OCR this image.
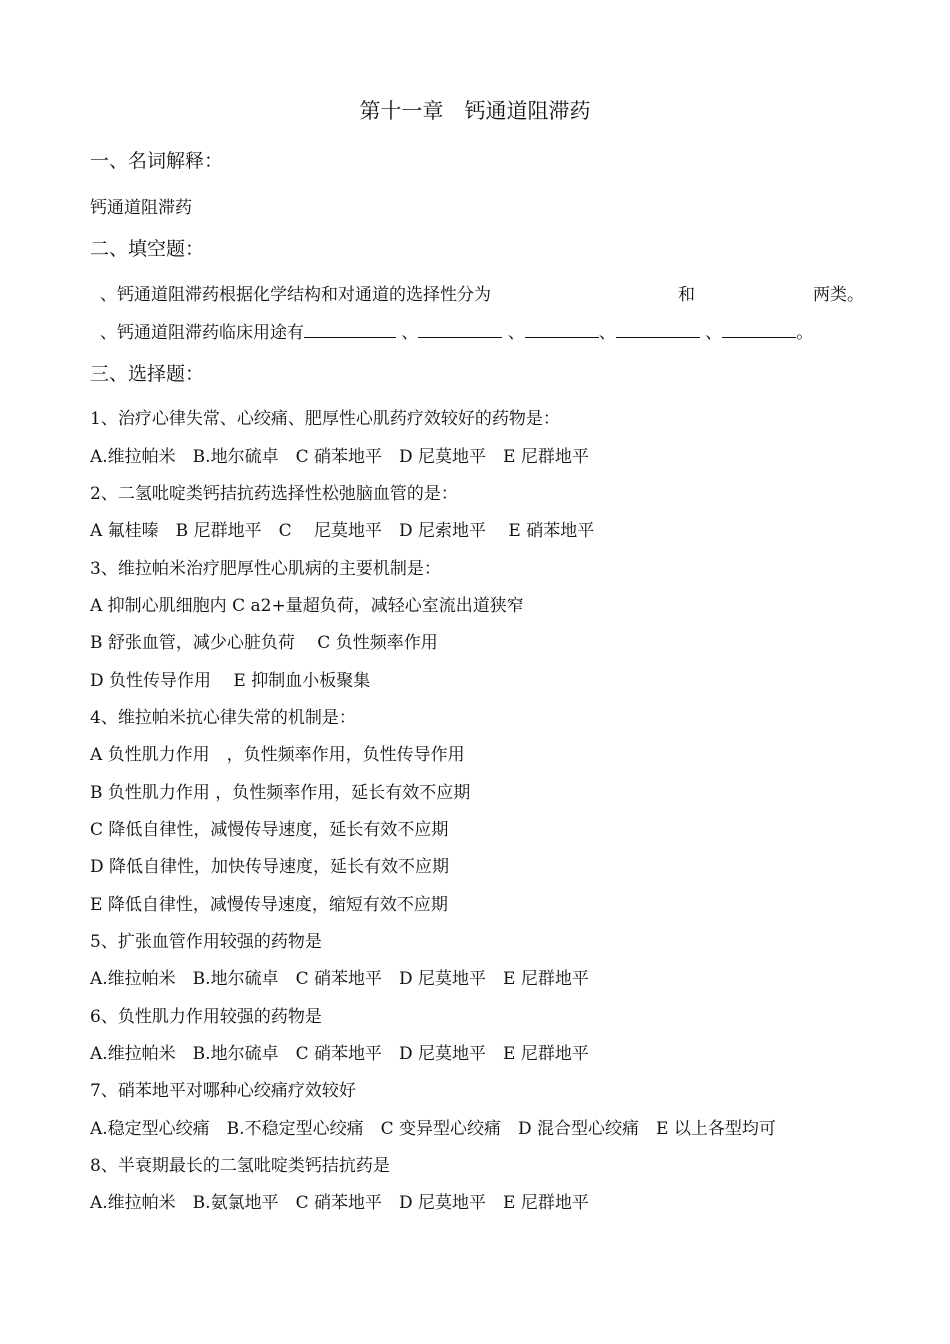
第十一章　钙通道阻滞药
一、名词解释：
钙通道阻滞药
二、填空题：
、钙通道阻滞药根据化学结构和对通道的选择性分为	和	两类。
、钙通道阻滞药临床用途有	、	、	、	、	。
三、选择题：
1、治疗心律失常、心绞痛、肥厚性心肌药疗效较好的药物是：
A.维拉帕米　B.地尔硫卓　C 硝苯地平　D 尼莫地平　E 尼群地平
2、二氢吡啶类钙拮抗药选择性松弛脑血管的是：
A 氟桂嗪　B 尼群地平　C　 尼莫地平　D 尼索地平　 E 硝苯地平
3、维拉帕米治疗肥厚性心肌病的主要机制是：
A 抑制心肌细胞内 C a2+量超负荷，减轻心室流出道狭窄
B 舒张血管，减少心脏负荷　 C 负性频率作用
D 负性传导作用　 E 抑制血小板聚集
4、维拉帕米抗心律失常的机制是：
A 负性肌力作用　，负性频率作用，负性传导作用
B 负性肌力作用 ，负性频率作用，延长有效不应期
C 降低自律性，减慢传导速度，延长有效不应期
D 降低自律性，加快传导速度，延长有效不应期
E 降低自律性，减慢传导速度，缩短有效不应期
5、扩张血管作用较强的药物是
A.维拉帕米　B.地尔硫卓　C 硝苯地平　D 尼莫地平　E 尼群地平
6、负性肌力作用较强的药物是
A.维拉帕米　B.地尔硫卓　C 硝苯地平　D 尼莫地平　E 尼群地平
7、硝苯地平对哪种心绞痛疗效较好
A.稳定型心绞痛　B.不稳定型心绞痛　C 变异型心绞痛　D 混合型心绞痛　E 以上各型均可
8、半衰期最长的二氢吡啶类钙拮抗药是
A.维拉帕米　B.氨氯地平　C 硝苯地平　D 尼莫地平　E 尼群地平
